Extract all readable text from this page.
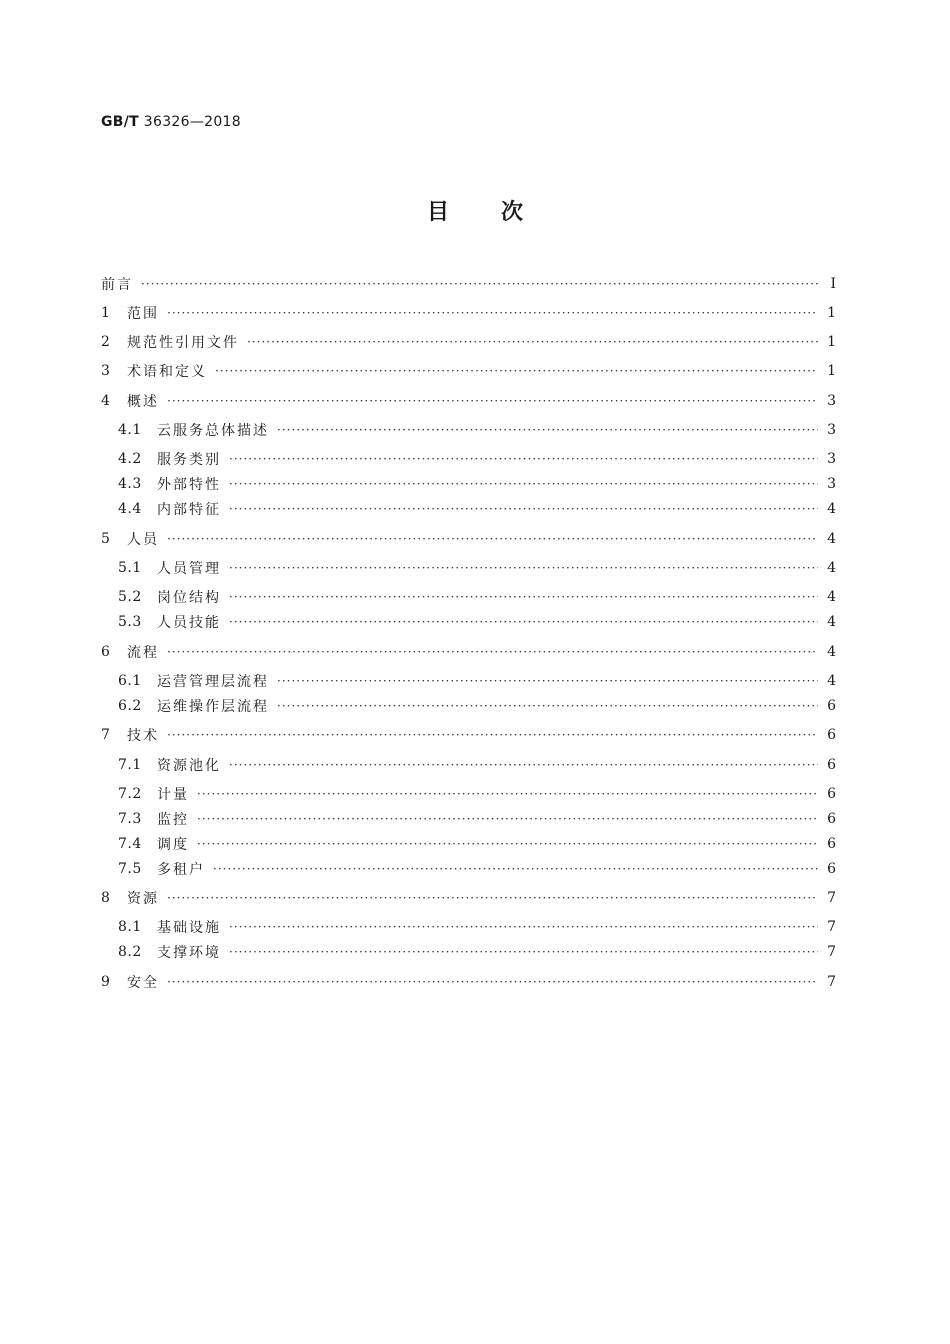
GB/T 36326—2018
目次
前言 ·····	Ⅰ
1	范围 ·····	1
2	规范性引用文件 ·····	1
3	术语和定义 ·····	1
4	概述 ·····	3
4.1	云服务总体描述 ·····	3
4.2	服务类别 ·····	3
4.3	外部特性 ·····	3
4.4	内部特征 ·····	4
5	人员 ·····	4
5.1	人员管理 ·····	4
5.2	岗位结构 ·····	4
5.3	人员技能 ·····	4
6	流程 ·····	4
6.1	运营管理层流程 ·····	4
6.2	运维操作层流程 ·····	6
7	技术 ·····	6
7.1	资源池化 ·····	6
7.2	计量 ·····	6
7.3	监控 ·····	6
7.4	调度 ·····	6
7.5	多租户 ·····	6
8	资源 ·····	7
8.1	基础设施 ·····	7
8.2	支撑环境 ·····	7
9	安全 ·····	7
